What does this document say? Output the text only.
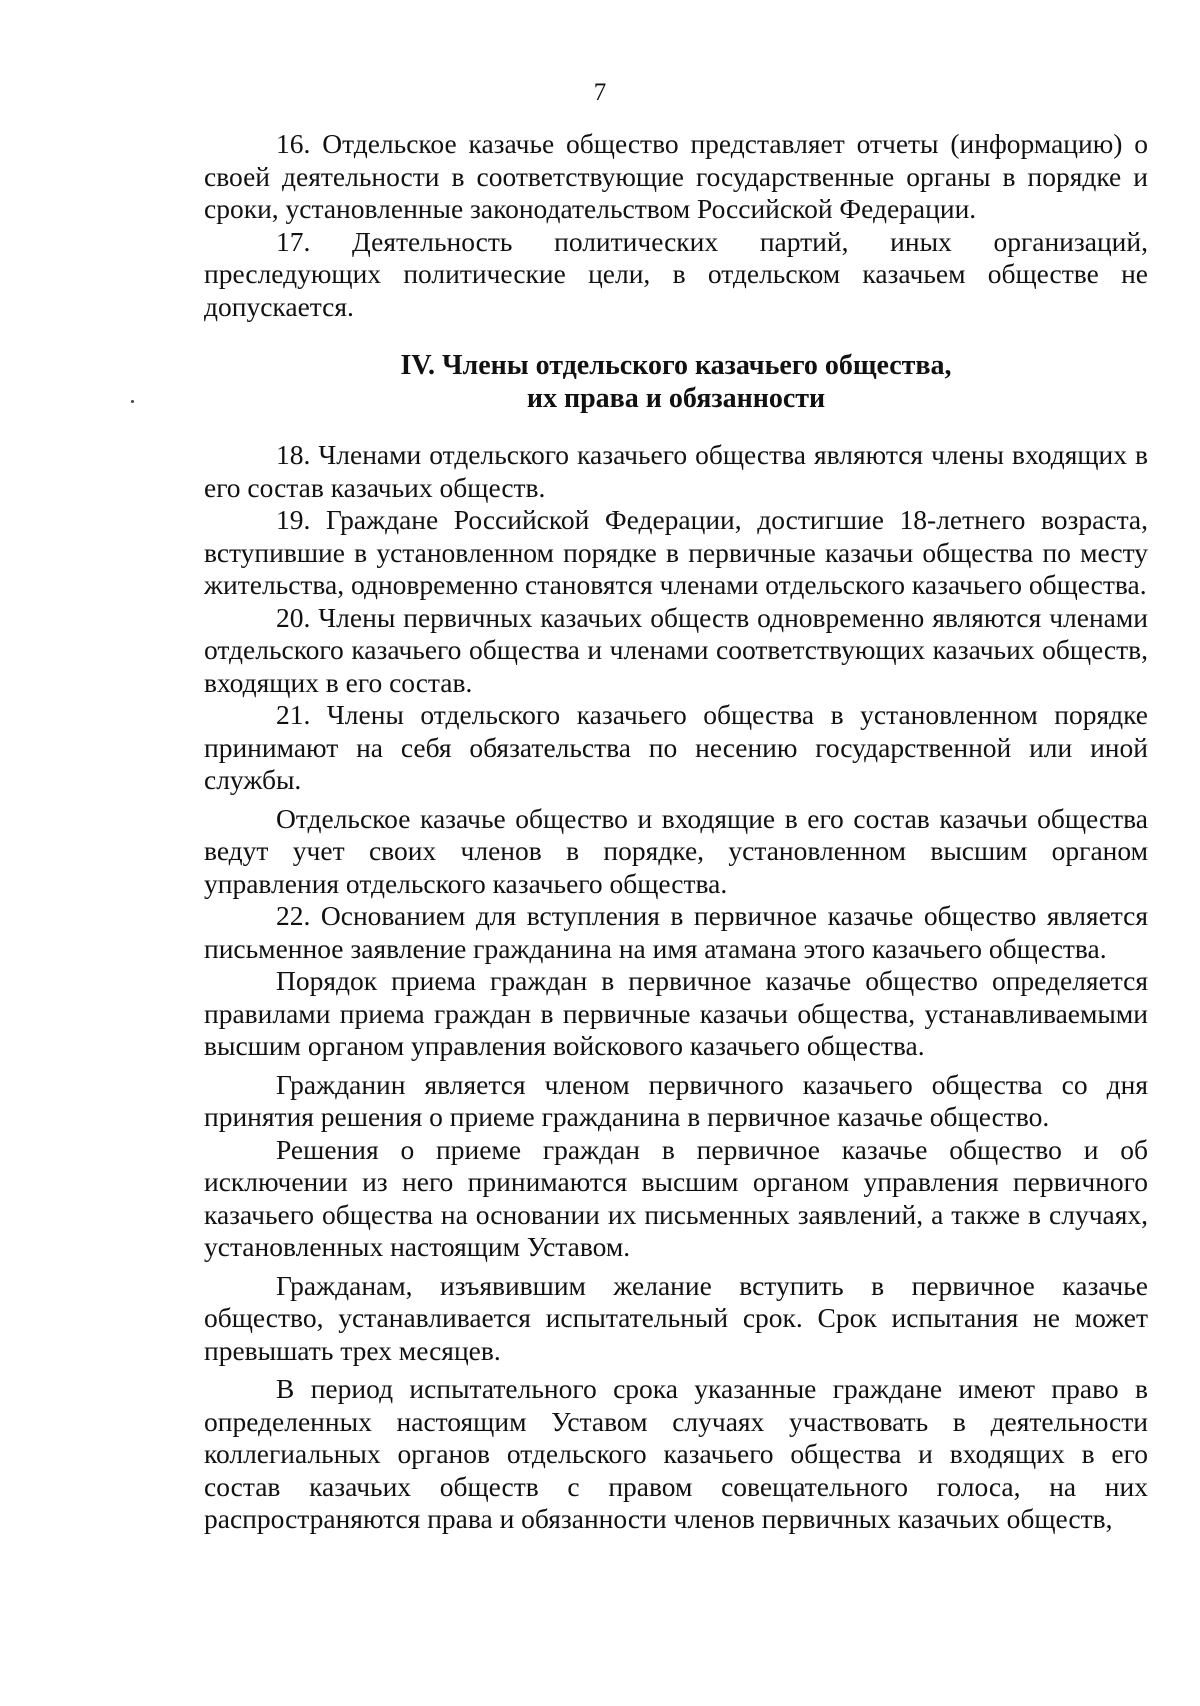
7

16. Отдельское казачье общество представляет отчеты (информацию) о своей деятельности в соответствующие государственные органы в порядке и сроки, установленные законодательством Российской Федерации.

17. Деятельность политических партий, иных организаций, преследующих политические цели, в отдельском казачьем обществе не допускается.

IV. Члены отдельского казачьего общества,
их права и обязанности

18. Членами отдельского казачьего общества являются члены входящих в его состав казачьих обществ.

19. Граждане Российской Федерации, достигшие 18-летнего возраста, вступившие в установленном порядке в первичные казачьи общества по месту жительства, одновременно становятся членами отдельского казачьего общества.

20. Члены первичных казачьих обществ одновременно являются членами отдельского казачьего общества и членами соответствующих казачьих обществ, входящих в его состав.

21. Члены отдельского казачьего общества в установленном порядке принимают на себя обязательства по несению государственной или иной службы.

Отдельское казачье общество и входящие в его состав казачьи общества ведут учет своих членов в порядке, установленном высшим органом управления отдельского казачьего общества.

22. Основанием для вступления в первичное казачье общество является письменное заявление гражданина на имя атамана этого казачьего общества.

Порядок приема граждан в первичное казачье общество определяется правилами приема граждан в первичные казачьи общества, устанавливаемыми высшим органом управления войскового казачьего общества.

Гражданин является членом первичного казачьего общества со дня принятия решения о приеме гражданина в первичное казачье общество.

Решения о приеме граждан в первичное казачье общество и об исключении из него принимаются высшим органом управления первичного казачьего общества на основании их письменных заявлений, а также в случаях, установленных настоящим Уставом.

Гражданам, изъявившим желание вступить в первичное казачье общество, устанавливается испытательный срок. Срок испытания не может превышать трех месяцев.

В период испытательного срока указанные граждане имеют право в определенных настоящим Уставом случаях участвовать в деятельности коллегиальных органов отдельского казачьего общества и входящих в его состав казачьих обществ с правом совещательного голоса, на них распространяются права и обязанности членов первичных казачьих обществ,
